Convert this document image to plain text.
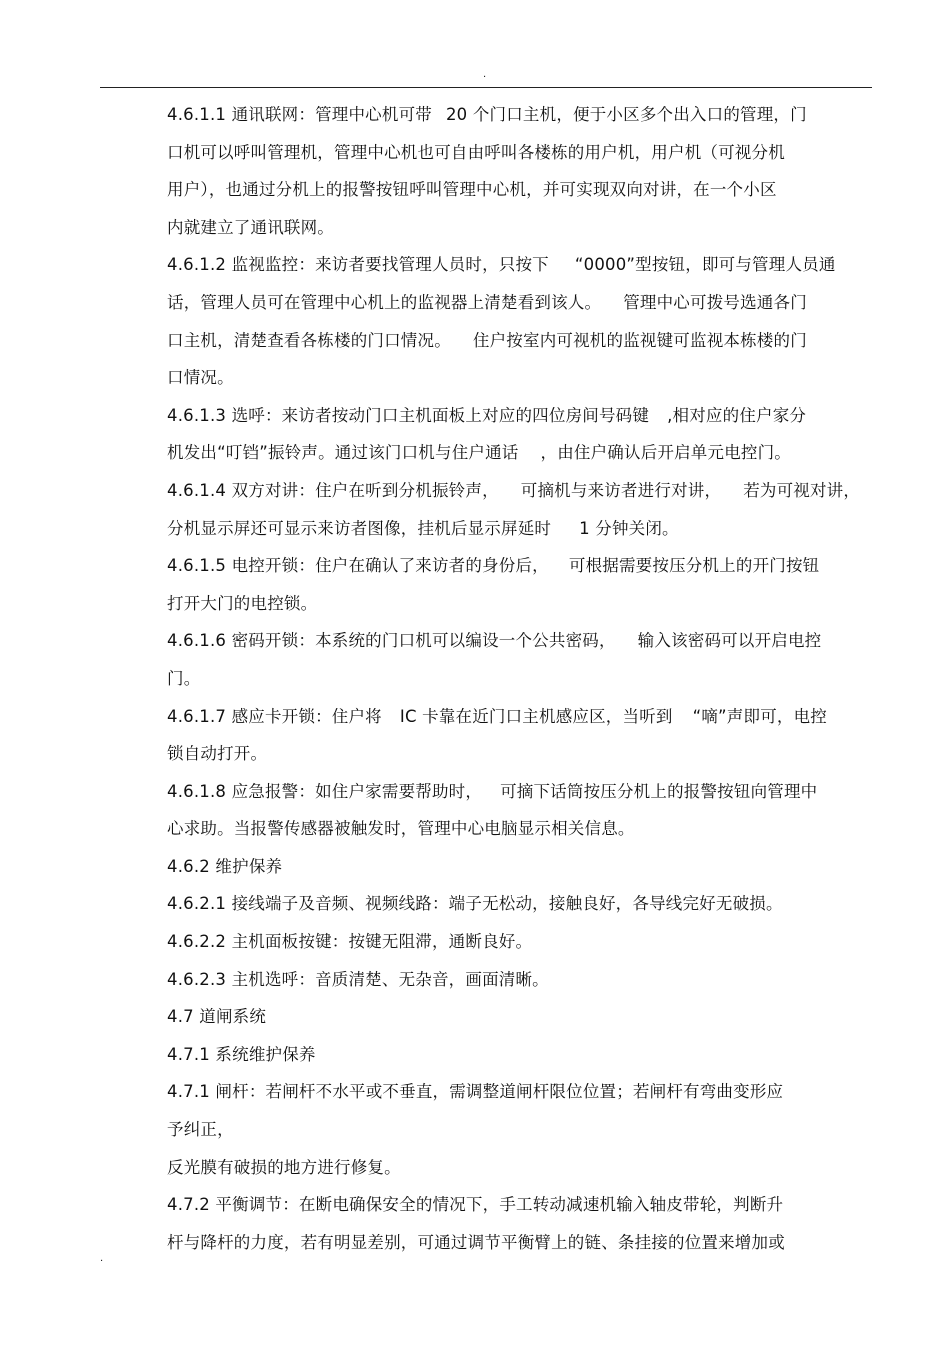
.

4.6.1.1 通讯联网：管理中心机可带 20 个门口主机，便于小区多个出入口的管理，门
口机可以呼叫管理机，管理中心机也可自由呼叫各楼栋的用户机，用户机（可视分机
用户），也通过分机上的报警按钮呼叫管理中心机，并可实现双向对讲，在一个小区
内就建立了通讯联网。

4.6.1.2 监视监控：来访者要找管理人员时，只按下 “0000”型按钮，即可与管理人员通
话，管理人员可在管理中心机上的监视器上清楚看到该人。 管理中心可拨号选通各门
口主机，清楚查看各栋楼的门口情况。 住户按室内可视机的监视键可监视本栋楼的门
口情况。

4.6.1.3 选呼：来访者按动门口主机面板上对应的四位房间号码键 ,相对应的住户家分
机发出“叮铛”振铃声。通过该门口机与住户通话 ，由住户确认后开启单元电控门。

4.6.1.4 双方对讲：住户在听到分机振铃声， 可摘机与来访者进行对讲， 若为可视对讲，
分机显示屏还可显示来访者图像，挂机后显示屏延时 1 分钟关闭。

4.6.1.5 电控开锁：住户在确认了来访者的身份后， 可根据需要按压分机上的开门按钮
打开大门的电控锁。

4.6.1.6 密码开锁：本系统的门口机可以编设一个公共密码， 输入该密码可以开启电控
门。

4.6.1.7 感应卡开锁：住户将 IC 卡靠在近门口主机感应区，当听到 “嘀”声即可，电控
锁自动打开。

4.6.1.8 应急报警：如住户家需要帮助时， 可摘下话筒按压分机上的报警按钮向管理中
心求助。当报警传感器被触发时，管理中心电脑显示相关信息。

4.6.2 维护保养

4.6.2.1 接线端子及音频、视频线路：端子无松动，接触良好，各导线完好无破损。

4.6.2.2 主机面板按键：按键无阻滞，通断良好。

4.6.2.3 主机选呼：音质清楚、无杂音，画面清晰。

4.7 道闸系统

4.7.1 系统维护保养

4.7.1 闸杆：若闸杆不水平或不垂直，需调整道闸杆限位位置；若闸杆有弯曲变形应
予纠正，

反光膜有破损的地方进行修复。

4.7.2 平衡调节：在断电确保安全的情况下，手工转动减速机输入轴皮带轮，判断升
杆与降杆的力度，若有明显差别，可通过调节平衡臂上的链、条挂接的位置来增加或

.
